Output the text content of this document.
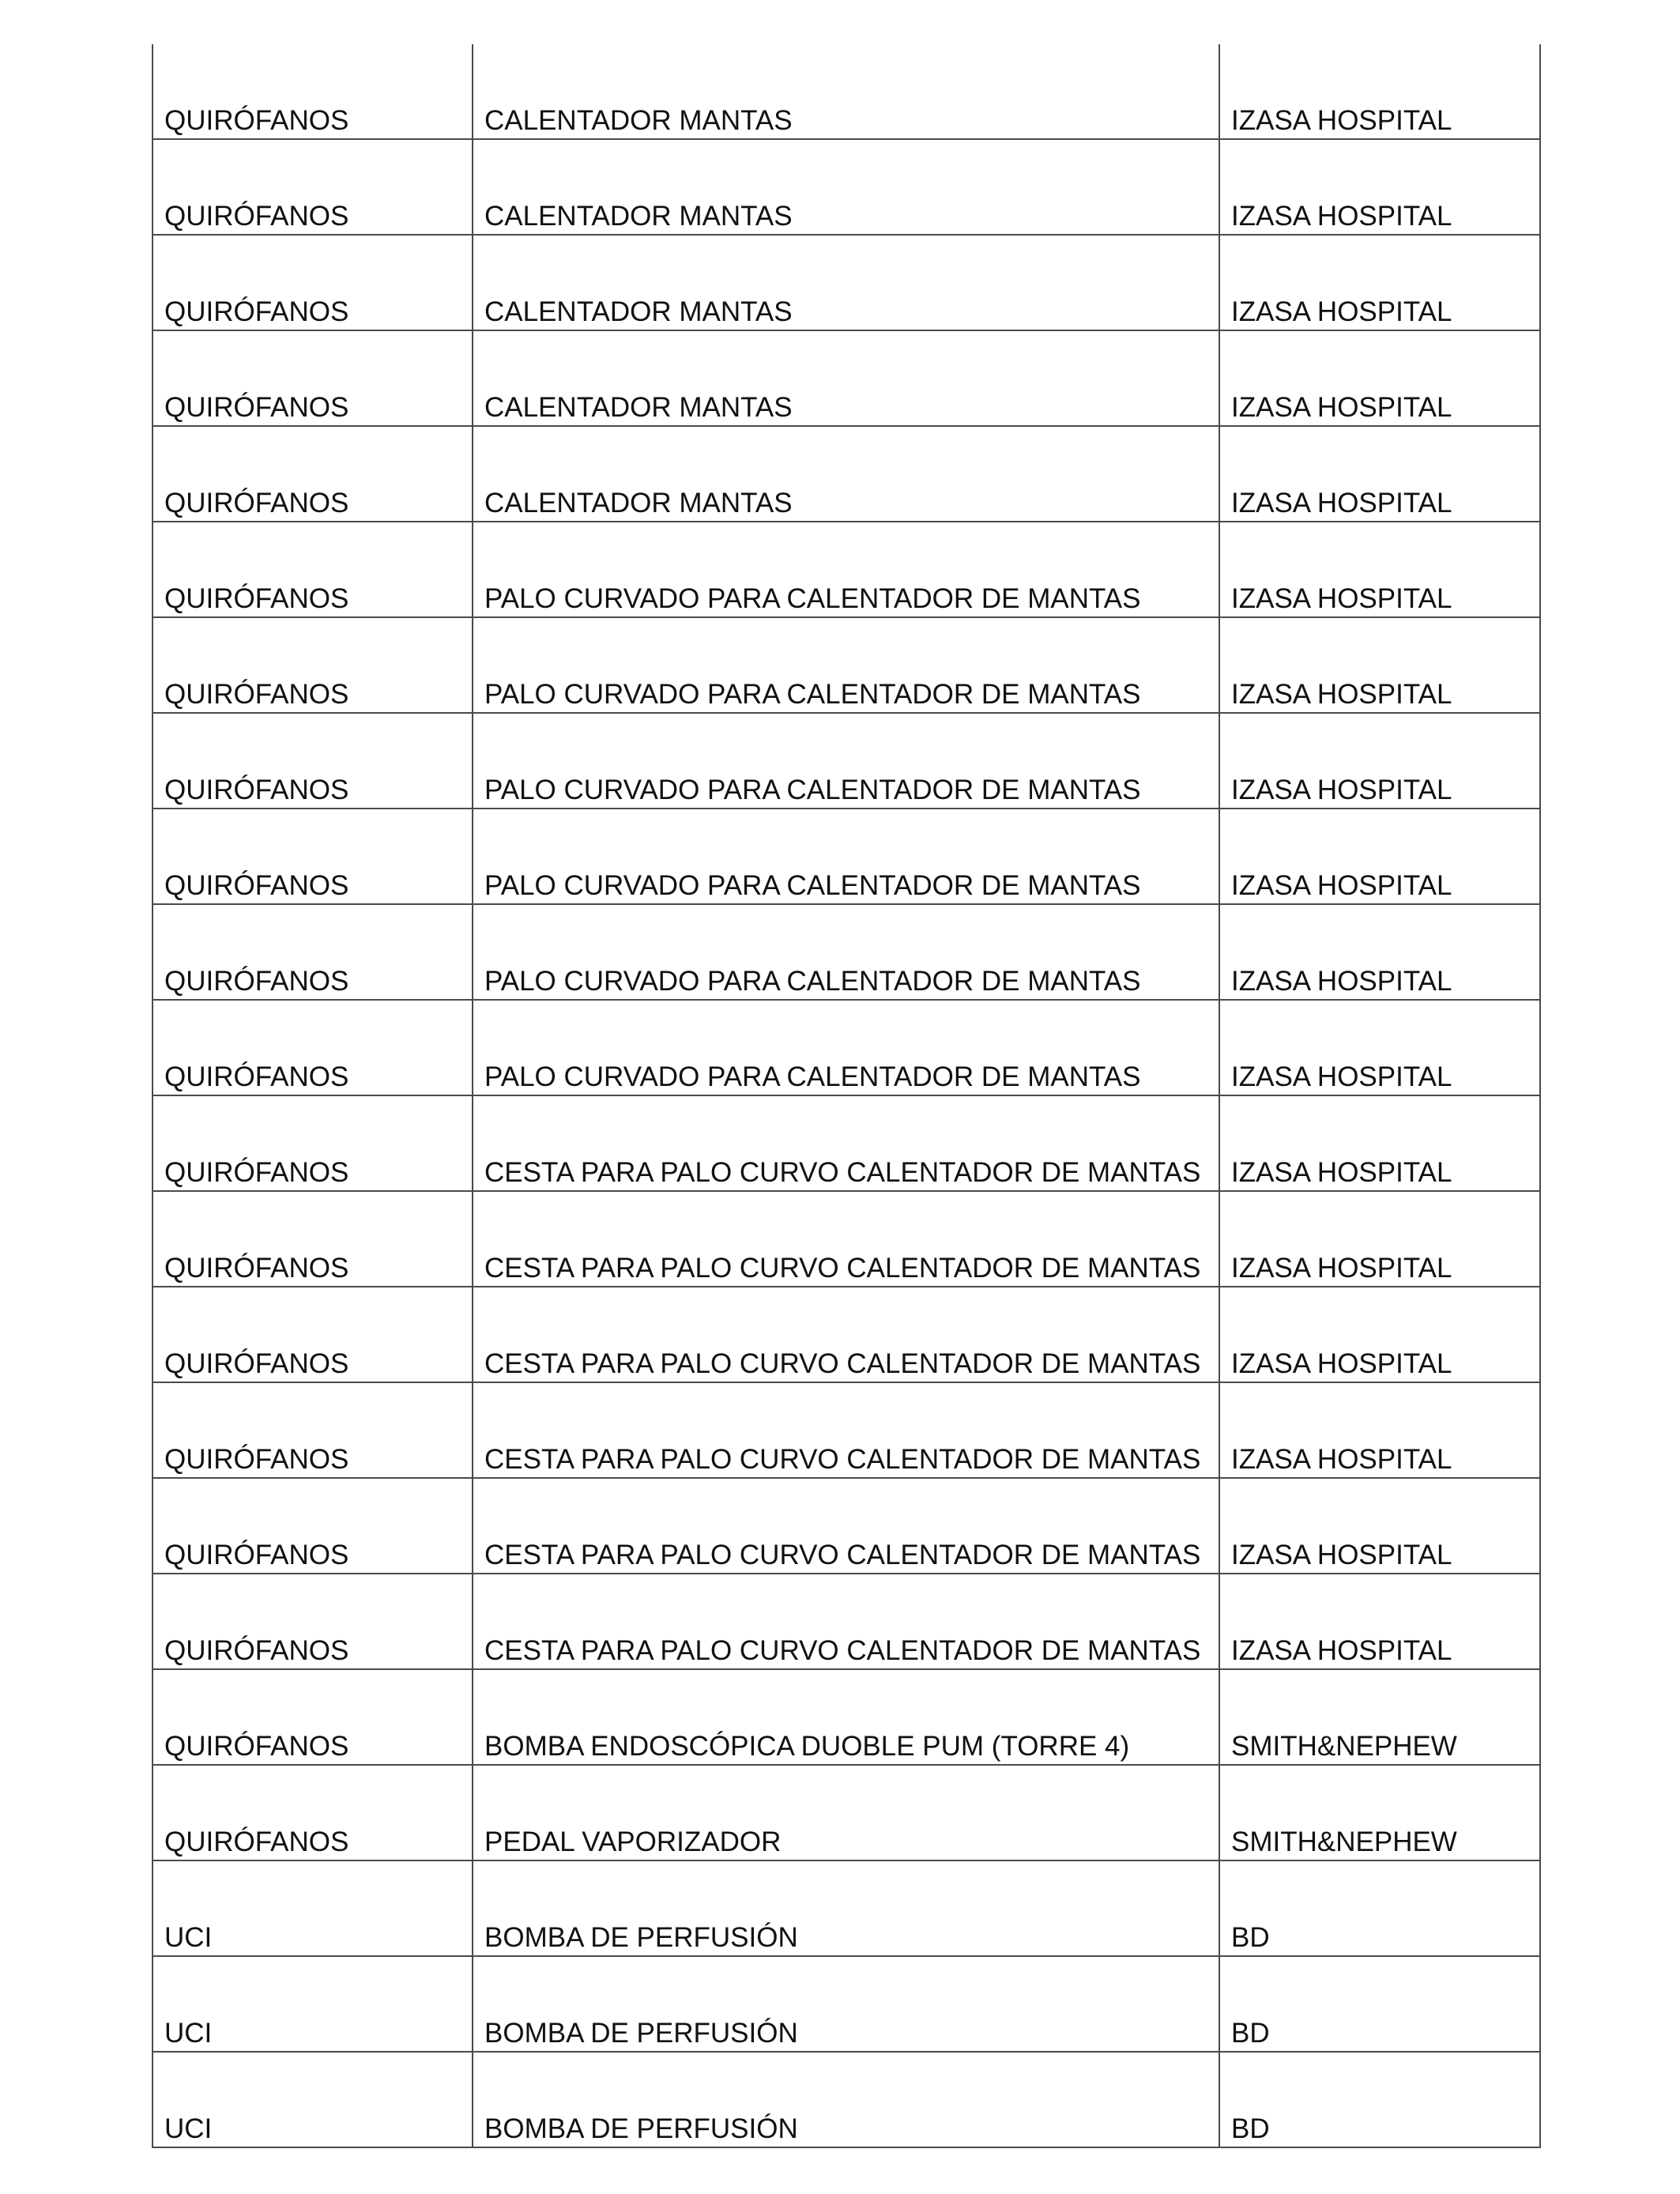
QUIRÓFANOS	CALENTADOR MANTAS	IZASA HOSPITAL

QUIRÓFANOS	CALENTADOR MANTAS	IZASA HOSPITAL

QUIRÓFANOS	CALENTADOR MANTAS	IZASA HOSPITAL

QUIRÓFANOS	CALENTADOR MANTAS	IZASA HOSPITAL

QUIRÓFANOS	CALENTADOR MANTAS	IZASA HOSPITAL

QUIRÓFANOS	PALO CURVADO PARA CALENTADOR DE MANTAS	IZASA HOSPITAL

QUIRÓFANOS	PALO CURVADO PARA CALENTADOR DE MANTAS	IZASA HOSPITAL

QUIRÓFANOS	PALO CURVADO PARA CALENTADOR DE MANTAS	IZASA HOSPITAL

QUIRÓFANOS	PALO CURVADO PARA CALENTADOR DE MANTAS	IZASA HOSPITAL

QUIRÓFANOS	PALO CURVADO PARA CALENTADOR DE MANTAS	IZASA HOSPITAL

QUIRÓFANOS	PALO CURVADO PARA CALENTADOR DE MANTAS	IZASA HOSPITAL

QUIRÓFANOS	CESTA PARA PALO CURVO CALENTADOR DE MANTAS	IZASA HOSPITAL

QUIRÓFANOS	CESTA PARA PALO CURVO CALENTADOR DE MANTAS	IZASA HOSPITAL

QUIRÓFANOS	CESTA PARA PALO CURVO CALENTADOR DE MANTAS	IZASA HOSPITAL

QUIRÓFANOS	CESTA PARA PALO CURVO CALENTADOR DE MANTAS	IZASA HOSPITAL

QUIRÓFANOS	CESTA PARA PALO CURVO CALENTADOR DE MANTAS	IZASA HOSPITAL

QUIRÓFANOS	CESTA PARA PALO CURVO CALENTADOR DE MANTAS	IZASA HOSPITAL

QUIRÓFANOS	BOMBA ENDOSCÓPICA DUOBLE PUM (TORRE 4)	SMITH&NEPHEW

QUIRÓFANOS	PEDAL VAPORIZADOR	SMITH&NEPHEW

UCI	BOMBA DE PERFUSIÓN	BD

UCI	BOMBA DE PERFUSIÓN	BD

UCI	BOMBA DE PERFUSIÓN	BD
